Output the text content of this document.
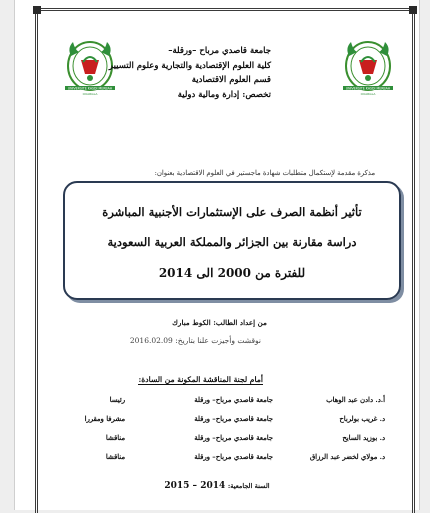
UNIVERSITE KASDI MERBAH
OUARGLA
UNIVERSITE KASDI MERBAH
OUARGLA
جامعة قاصدي مرباح –ورقلة–
كلية العلوم الإقتصادية والتجارية وعلوم التسيير
قسم العلوم الاقتصادية
تخصص: إدارة ومالية دولية
مذكرة مقدمة لإستكمال متطلبات شهادة ماجستير في العلوم الاقتصادية بعنوان:
تأثير أنظمة الصرف على الإستثمارات الأجنبية المباشرة
دراسة مقارنة بين الجزائر والمملكة العربية السعودية
للفترة من 2000 الى 2014
من إعداد الطالب: الكوط مبارك
نوقشت وأجيزت علنا بتاريخ: 2016.02.09
أمام لجنة المناقشة المكونة من السادة:
أ.د. دادن عبد الوهاب
جامعة قاصدي مرباح– ورقلة
رئيسا
د. غريب بولرباح
جامعة قاصدي مرباح– ورقلة
مشرفا ومقررا
د. بوزيد السايح
جامعة قاصدي مرباح– ورقلة
مناقشا
د. مولاي لخضر عبد الرزاق
جامعة قاصدي مرباح– ورقلة
مناقشا
السنة الجامعية: 2014 – 2015
